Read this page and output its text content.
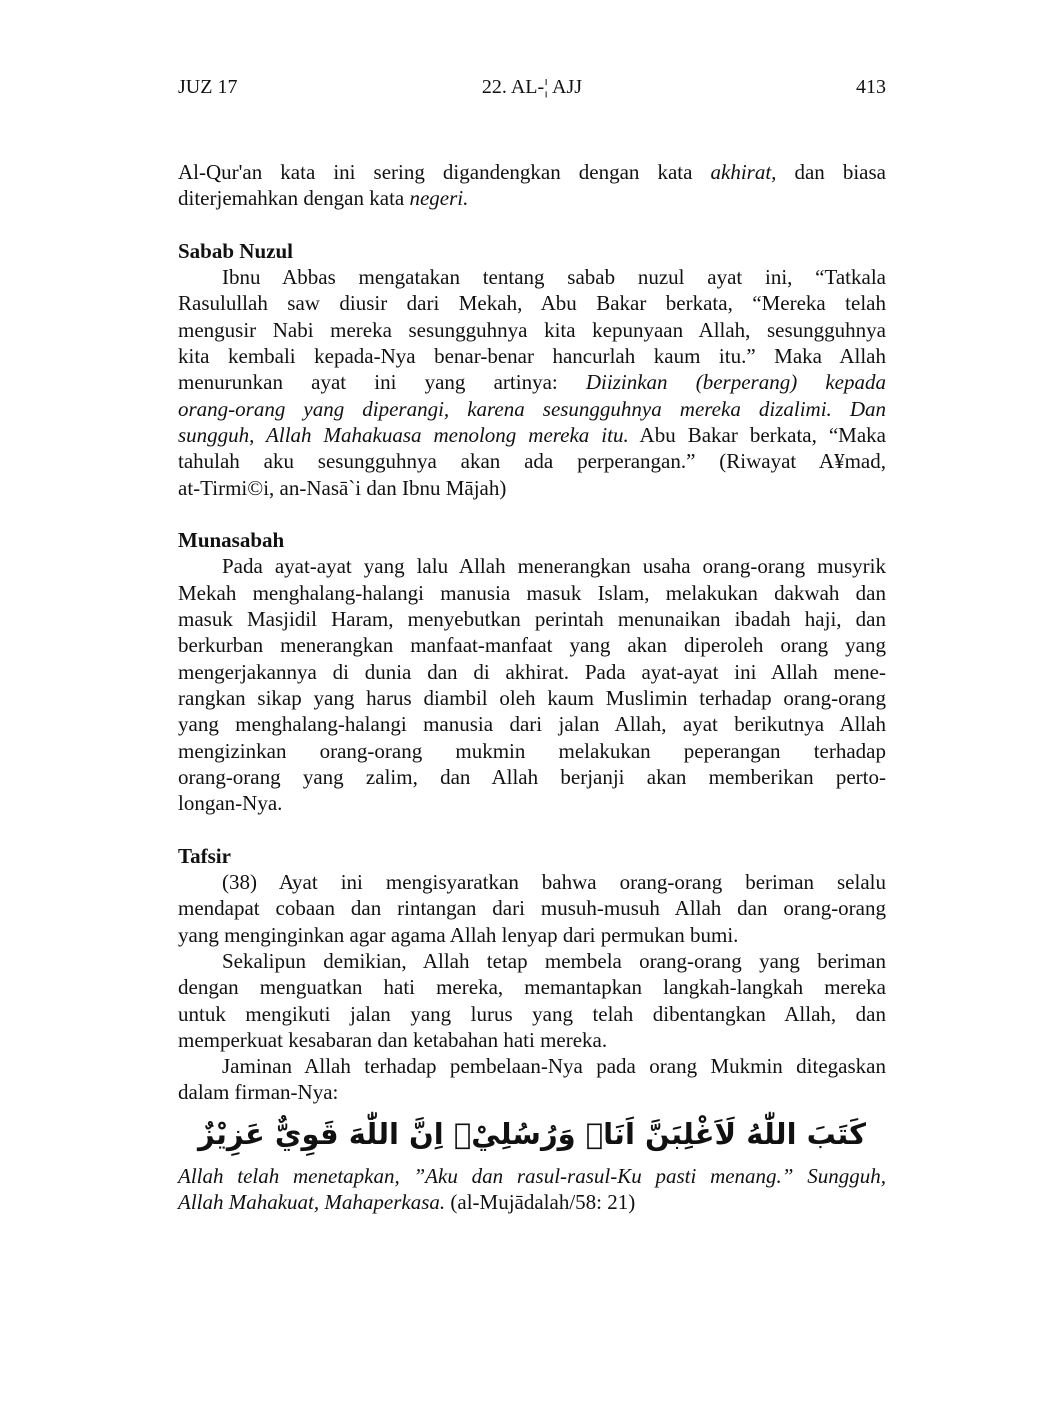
JUZ 17	22. AL-¦ AJJ	413
Al-Qur'an kata ini sering digandengkan dengan kata akhirat, dan biasa
diterjemahkan dengan kata negeri.
Sabab Nuzul
Ibnu Abbas mengatakan tentang sabab nuzul ayat ini, “Tatkala
Rasulullah saw diusir dari Mekah, Abu Bakar berkata, “Mereka telah
mengusir Nabi mereka sesungguhnya kita kepunyaan Allah, sesungguhnya
kita kembali kepada-Nya benar-benar hancurlah kaum itu.” Maka Allah
menurunkan ayat ini yang artinya: Diizinkan (berperang) kepada
orang-orang yang diperangi, karena sesungguhnya mereka dizalimi. Dan
sungguh, Allah Mahakuasa menolong mereka itu. Abu Bakar berkata, “Maka
tahulah aku sesungguhnya akan ada perperangan.” (Riwayat A¥mad,
at-Tirmi©i, an-Nasā`i dan Ibnu Mājah)
Munasabah
Pada ayat-ayat yang lalu Allah menerangkan usaha orang-orang musyrik
Mekah menghalang-halangi manusia masuk Islam, melakukan dakwah dan
masuk Masjidil Haram, menyebutkan perintah menunaikan ibadah haji, dan
berkurban menerangkan manfaat-manfaat yang akan diperoleh orang yang
mengerjakannya di dunia dan di akhirat. Pada ayat-ayat ini Allah mene-
rangkan sikap yang harus diambil oleh kaum Muslimin terhadap orang-orang
yang menghalang-halangi manusia dari jalan Allah, ayat berikutnya Allah
mengizinkan orang-orang mukmin melakukan peperangan terhadap
orang-orang yang zalim, dan Allah berjanji akan memberikan perto-
longan-Nya.
Tafsir
(38) Ayat ini mengisyaratkan bahwa orang-orang beriman selalu
mendapat cobaan dan rintangan dari musuh-musuh Allah dan orang-orang
yang menginginkan agar agama Allah lenyap dari permukan bumi.
Sekalipun demikian, Allah tetap membela orang-orang yang beriman
dengan menguatkan hati mereka, memantapkan langkah-langkah mereka
untuk mengikuti jalan yang lurus yang telah dibentangkan Allah, dan
memperkuat kesabaran dan ketabahan hati mereka.
Jaminan Allah terhadap pembelaan-Nya pada orang Mukmin ditegaskan
dalam firman-Nya:
كَتَبَ اللّٰهُ لَاَغْلِبَنَّ اَنَا۠ وَرُسُلِيْۗ اِنَّ اللّٰهَ قَوِيٌّ عَزِيْزٌ
Allah telah menetapkan, ”Aku dan rasul-rasul-Ku pasti menang.” Sungguh,
Allah Mahakuat, Mahaperkasa. (al-Mujādalah/58: 21)
